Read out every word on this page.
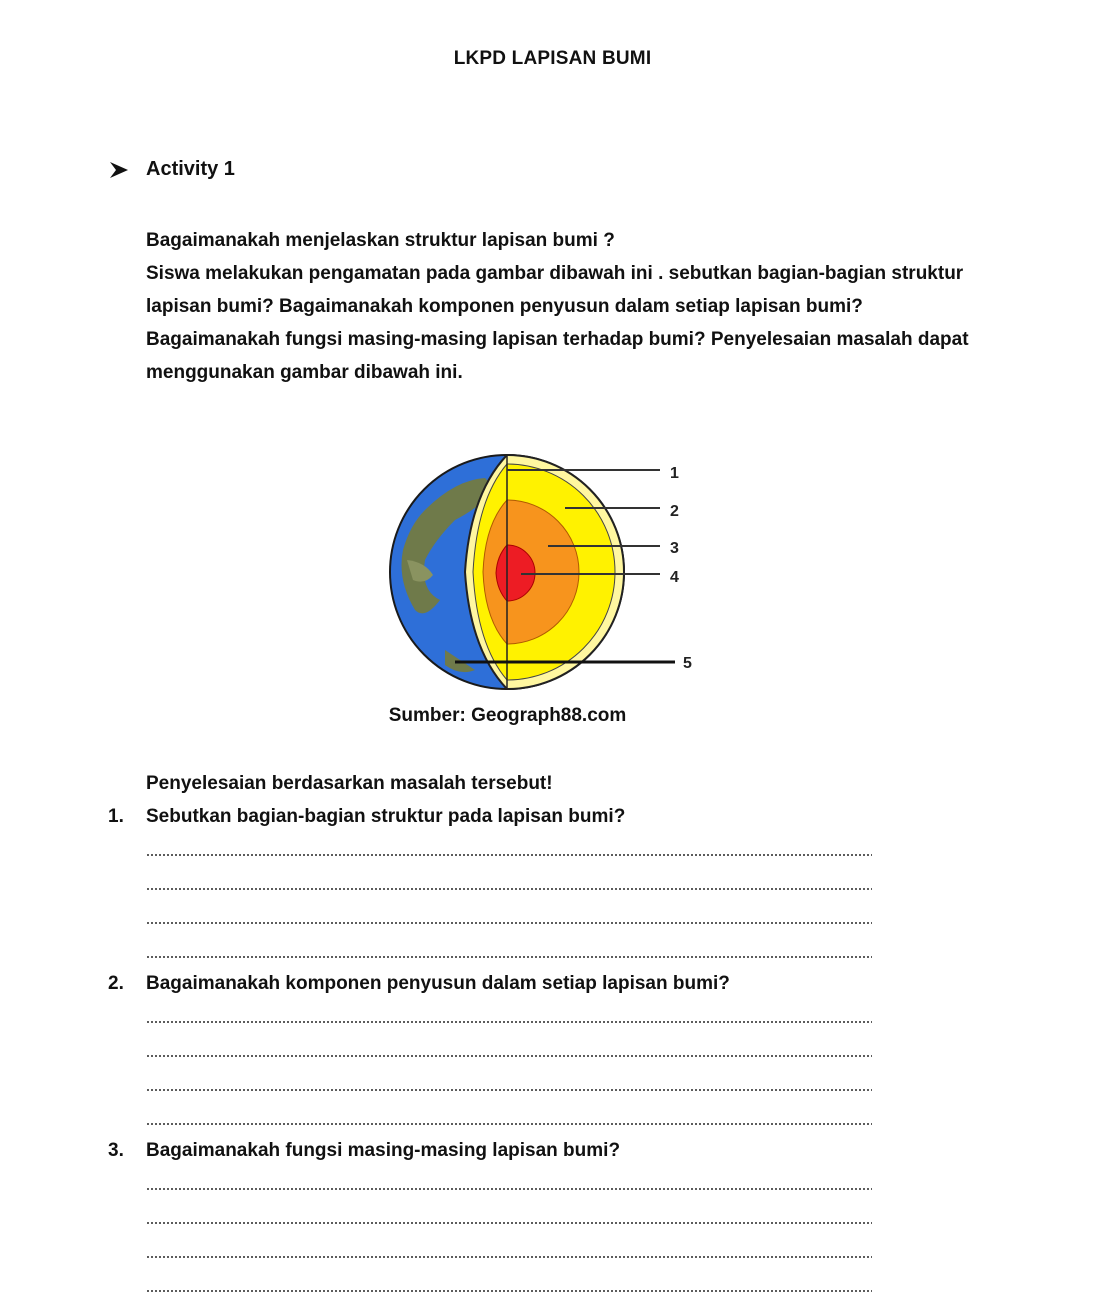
LKPD LAPISAN BUMI
Activity 1

Bagaimanakah menjelaskan struktur lapisan bumi ?

Siswa melakukan pengamatan pada gambar dibawah ini . sebutkan bagian-bagian struktur

lapisan bumi? Bagaimanakah komponen penyusun dalam setiap lapisan bumi?

Bagaimanakah fungsi masing-masing lapisan terhadap bumi? Penyelesaian masalah dapat

menggunakan gambar dibawah ini.

1
2
3
4
5
Sumber: Geograph88.com
Penyelesaian berdasarkan masalah tersebut!
1.	Sebutkan bagian-bagian struktur pada lapisan bumi?
2.	Bagaimanakah komponen penyusun dalam setiap lapisan bumi?
3.	Bagaimanakah fungsi masing-masing lapisan bumi?
